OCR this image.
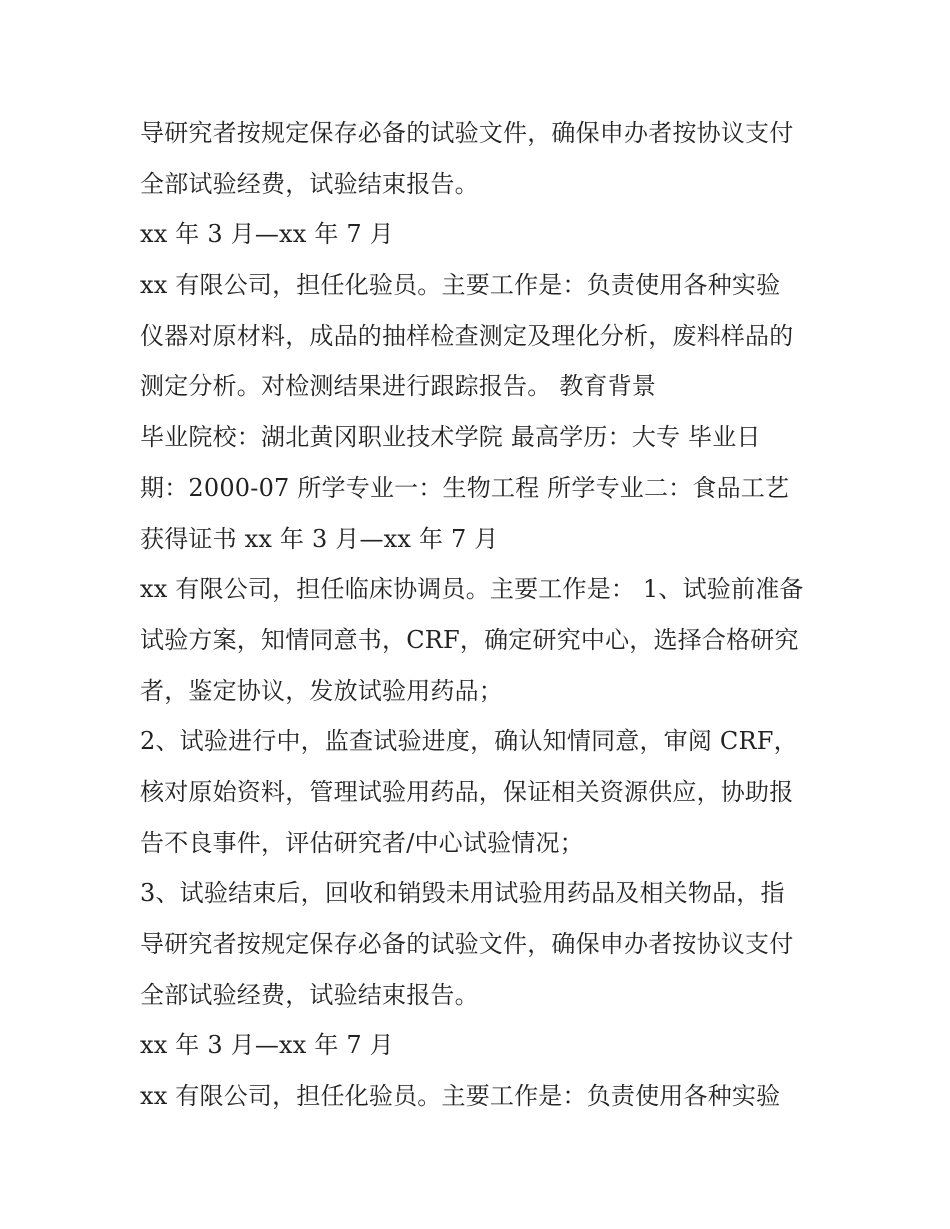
导研究者按规定保存必备的试验文件，确保申办者按协议支付
全部试验经费，试验结束报告。
xx 年 3 月—xx 年 7 月
xx 有限公司，担任化验员。主要工作是：负责使用各种实验
仪器对原材料，成品的抽样检查测定及理化分析，废料样品的
测定分析。对检测结果进行跟踪报告。 教育背景
毕业院校：湖北黄冈职业技术学院 最高学历：大专 毕业日
期：2000-07 所学专业一：生物工程 所学专业二：食品工艺
获得证书 xx 年 3 月—xx 年 7 月
xx 有限公司，担任临床协调员。主要工作是： 1、试验前准备
试验方案，知情同意书，CRF，确定研究中心，选择合格研究
者，鉴定协议，发放试验用药品；
2、试验进行中，监查试验进度，确认知情同意，审阅 CRF，
核对原始资料，管理试验用药品，保证相关资源供应，协助报
告不良事件，评估研究者/中心试验情况；
3、试验结束后，回收和销毁未用试验用药品及相关物品，指
导研究者按规定保存必备的试验文件，确保申办者按协议支付
全部试验经费，试验结束报告。
xx 年 3 月—xx 年 7 月
xx 有限公司，担任化验员。主要工作是：负责使用各种实验
